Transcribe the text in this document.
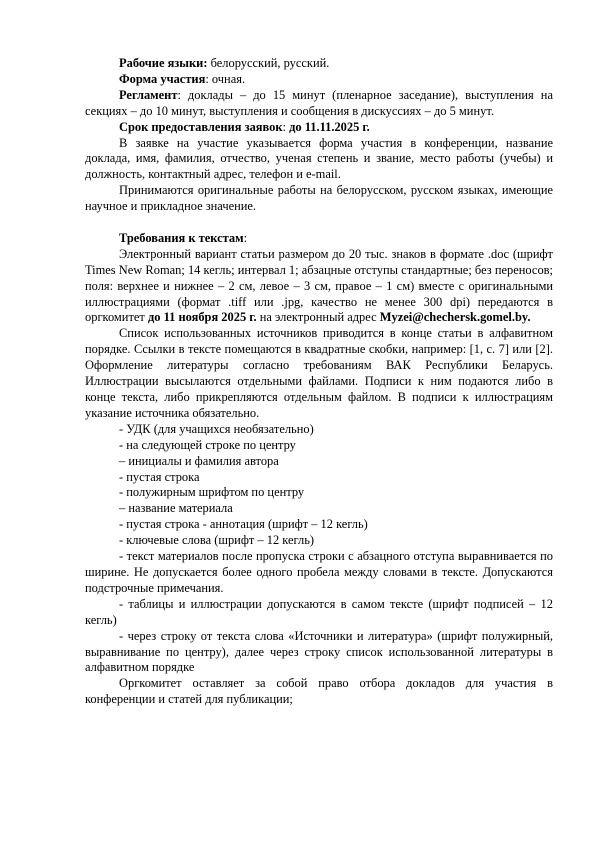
Рабочие языки: белорусский, русский.

Форма участия: очная.

Регламент: доклады – до 15 минут (пленарное заседание), выступления на секциях – до 10 минут, выступления и сообщения в дискуссиях – до 5 минут.

Срок предоставления заявок: до 11.11.2025 г.

В заявке на участие указывается форма участия в конференции, название доклада, имя, фамилия, отчество, ученая степень и звание, место работы (учебы) и должность, контактный адрес, телефон и e-mail.

Принимаются оригинальные работы на белорусском, русском языках, имеющие научное и прикладное значение.

Требования к текстам:

Электронный вариант статьи размером до 20 тыс. знаков в формате .doc (шрифт Times New Roman; 14 кегль; интервал 1; абзацные отступы стандартные; без переносов; поля: верхнее и нижнее – 2 см, левое – 3 см, правое – 1 см) вместе с оригинальными иллюстрациями (формат .tiff или .jpg, качество не менее 300 dpi) передаются в оргкомитет до 11 ноября 2025 г. на электронный адрес Myzei@chechersk.gomel.by.

Список использованных источников приводится в конце статьи в алфавитном порядке. Ссылки в тексте помещаются в квадратные скобки, например: [1, с. 7] или [2]. Оформление литературы согласно требованиям ВАК Республики Беларусь. Иллюстрации высылаются отдельными файлами. Подписи к ним подаются либо в конце текста, либо прикрепляются отдельным файлом. В подписи к иллюстрациям указание источника обязательно.

- УДК (для учащихся необязательно)

- на следующей строке по центру

– инициалы и фамилия автора

- пустая строка

- полужирным шрифтом по центру

– название материала

- пустая строка - аннотация (шрифт – 12 кегль)

- ключевые слова (шрифт – 12 кегль)

- текст материалов после пропуска строки с абзацного отступа выравнивается по ширине. Не допускается более одного пробела между словами в тексте. Допускаются подстрочные примечания.

- таблицы и иллюстрации допускаются в самом тексте (шрифт подписей – 12 кегль)

- через строку от текста слова «Источники и литература» (шрифт полужирный, выравнивание по центру), далее через строку список использованной литературы в алфавитном порядке

Оргкомитет оставляет за собой право отбора докладов для участия в конференции и статей для публикации;
